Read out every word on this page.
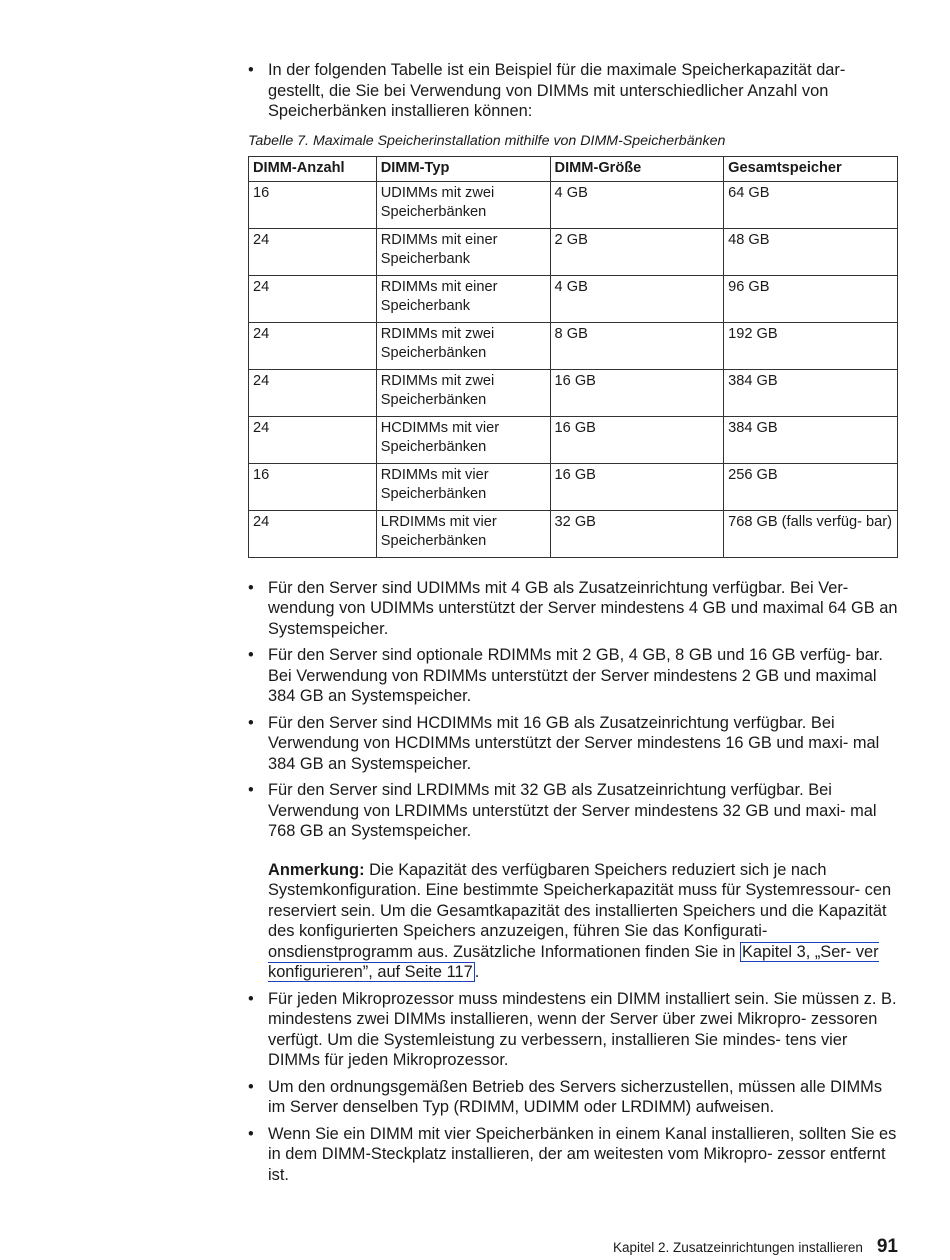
• In der folgenden Tabelle ist ein Beispiel für die maximale Speicherkapazität dar- gestellt, die Sie bei Verwendung von DIMMs mit unterschiedlicher Anzahl von Speicherbänken installieren können:

Tabelle 7. Maximale Speicherinstallation mithilfe von DIMM-Speicherbänken
DIMM-Anzahl	DIMM-Typ	DIMM-Größe	Gesamtspeicher
16	UDIMMs mit zwei Speicherbänken	4 GB	64 GB
24	RDIMMs mit einer Speicherbank	2 GB	48 GB
24	RDIMMs mit einer Speicherbank	4 GB	96 GB
24	RDIMMs mit zwei Speicherbänken	8 GB	192 GB
24	RDIMMs mit zwei Speicherbänken	16 GB	384 GB
24	HCDIMMs mit vier Speicherbänken	16 GB	384 GB
16	RDIMMs mit vier Speicherbänken	16 GB	256 GB
24	LRDIMMs mit vier Speicherbänken	32 GB	768 GB (falls verfüg- bar)

• Für den Server sind UDIMMs mit 4 GB als Zusatzeinrichtung verfügbar. Bei Ver- wendung von UDIMMs unterstützt der Server mindestens 4 GB und maximal 64 GB an Systemspeicher.

• Für den Server sind optionale RDIMMs mit 2 GB, 4 GB, 8 GB und 16 GB verfüg- bar. Bei Verwendung von RDIMMs unterstützt der Server mindestens 2 GB und maximal 384 GB an Systemspeicher.

• Für den Server sind HCDIMMs mit 16 GB als Zusatzeinrichtung verfügbar. Bei Verwendung von HCDIMMs unterstützt der Server mindestens 16 GB und maxi- mal 384 GB an Systemspeicher.

• Für den Server sind LRDIMMs mit 32 GB als Zusatzeinrichtung verfügbar. Bei Verwendung von LRDIMMs unterstützt der Server mindestens 32 GB und maxi- mal 768 GB an Systemspeicher.

Anmerkung: Die Kapazität des verfügbaren Speichers reduziert sich je nach Systemkonfiguration. Eine bestimmte Speicherkapazität muss für Systemressour- cen reserviert sein. Um die Gesamtkapazität des installierten Speichers und die Kapazität des konfigurierten Speichers anzuzeigen, führen Sie das Konfigurati- onsdienstprogramm aus. Zusätzliche Informationen finden Sie in Kapitel 3, „Ser- ver konfigurieren”, auf Seite 117 .

• Für jeden Mikroprozessor muss mindestens ein DIMM installiert sein. Sie müssen z. B. mindestens zwei DIMMs installieren, wenn der Server über zwei Mikropro- zessoren verfügt. Um die Systemleistung zu verbessern, installieren Sie mindes- tens vier DIMMs für jeden Mikroprozessor.

• Um den ordnungsgemäßen Betrieb des Servers sicherzustellen, müssen alle DIMMs im Server denselben Typ (RDIMM, UDIMM oder LRDIMM) aufweisen.

• Wenn Sie ein DIMM mit vier Speicherbänken in einem Kanal installieren, sollten Sie es in dem DIMM-Steckplatz installieren, der am weitesten vom Mikropro- zessor entfernt ist.

Kapitel 2. Zusatzeinrichtungen installieren 91
